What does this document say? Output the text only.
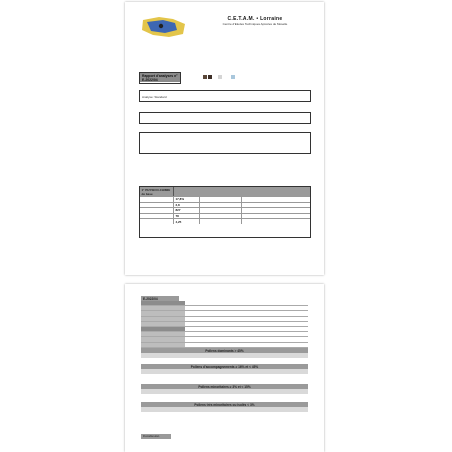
C.E.T.A.M. • Lorraine
Centre d'Etudes Techniques Apicoles de Moselle
Rapport d'analyses n° E-2022/04
Analyse: Standard
1° PHYSICO-CHIMIE de base
17,8%
2,8
827
78
4,25
E-2022/04
Pollens dominants > 45%
Pollens d'accompagnements ≥ 16% et < 45%
Pollens minoritaires ≥ 3% et < 15%
Pollens très minoritaires ou isolés < 3%
Conclusion
